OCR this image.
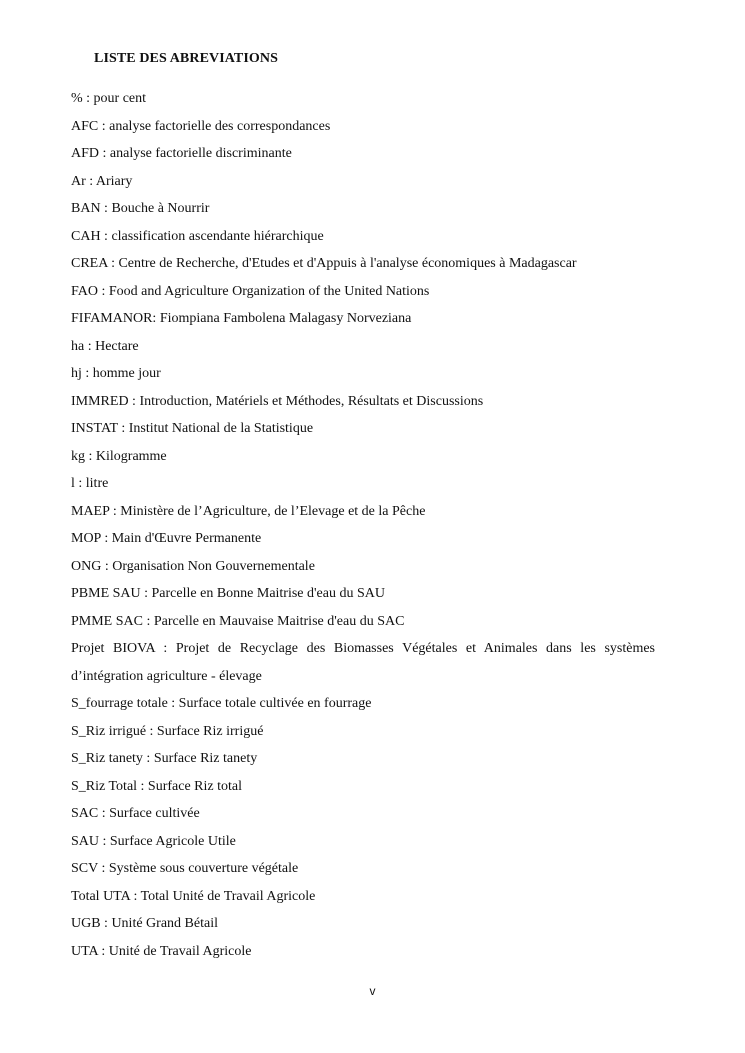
LISTE DES ABREVIATIONS
% : pour cent
AFC : analyse factorielle des correspondances
AFD : analyse factorielle discriminante
Ar : Ariary
BAN : Bouche à Nourrir
CAH : classification ascendante hiérarchique
CREA : Centre de Recherche, d'Etudes et d'Appuis à l'analyse économiques à Madagascar
FAO : Food and Agriculture Organization of the United Nations
FIFAMANOR: Fiompiana Fambolena Malagasy Norveziana
ha : Hectare
hj : homme jour
IMMRED : Introduction, Matériels et Méthodes, Résultats et Discussions
INSTAT : Institut National de la Statistique
kg : Kilogramme
l : litre
MAEP : Ministère de l’Agriculture, de l’Elevage et de la Pêche
MOP : Main d'Œuvre Permanente
ONG : Organisation Non Gouvernementale
PBME SAU : Parcelle en Bonne Maitrise d'eau du SAU
PMME SAC : Parcelle en Mauvaise Maitrise d'eau du SAC
Projet BIOVA : Projet de Recyclage des Biomasses Végétales et Animales dans les systèmes d’intégration agriculture - élevage
S_fourrage totale : Surface totale cultivée en fourrage
S_Riz irrigué : Surface Riz irrigué
S_Riz tanety : Surface Riz tanety
S_Riz Total : Surface Riz total
SAC : Surface cultivée
SAU : Surface Agricole Utile
SCV : Système sous couverture végétale
Total UTA : Total Unité de Travail Agricole
UGB : Unité Grand Bétail
UTA : Unité de Travail Agricole
v
